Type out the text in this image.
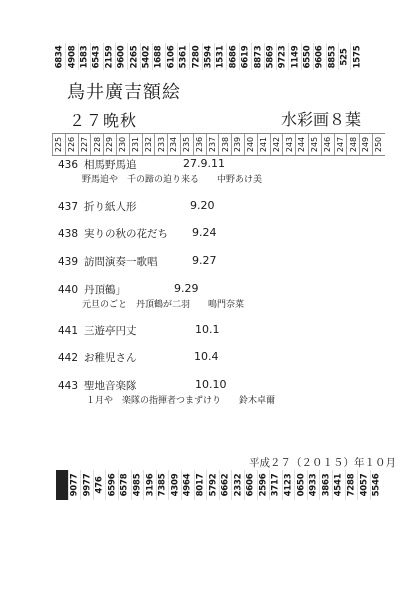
6834 4908 1583 6543 2159 9600 2265 5402 1688 6106 5361 7280 3594 1531 8686 6619 8873 5869 9723 1149 6550 9606 8853 525 1575
鳥井廣吉額絵
２７晩秋	水彩画８葉
225 226 227 228 229 230 231 232 233 234 235 236 237 238 239 240 241 242 243 244 245 246 247 248 249 250
436 相馬野馬追	27.9.11
野馬追や　千の蹄の迫り来る　　中野あけ美
437 折り紙人形	9.20
438 実りの秋の花だち 9.24
439 訪問演奏一歌唱	9.27
440 丹頂鶴」	9.29
元旦のごと　丹頂鶴が二羽　　鳴門奈菜
441 三遊亭円丈	10.1
442 お稚児さん	10.4
443 聖地音楽隊	10.10
１月や　楽隊の指揮者つまずけり　　鈴木卓爾
平成２７（２０１５）年１０月
9077 9977 476 6596 6578 4985 3196 7385 4309 4964 8017 5792 6662 2332 6606 2596 3717 4123 0650 4933 3863 4541 7288 4057 5546
